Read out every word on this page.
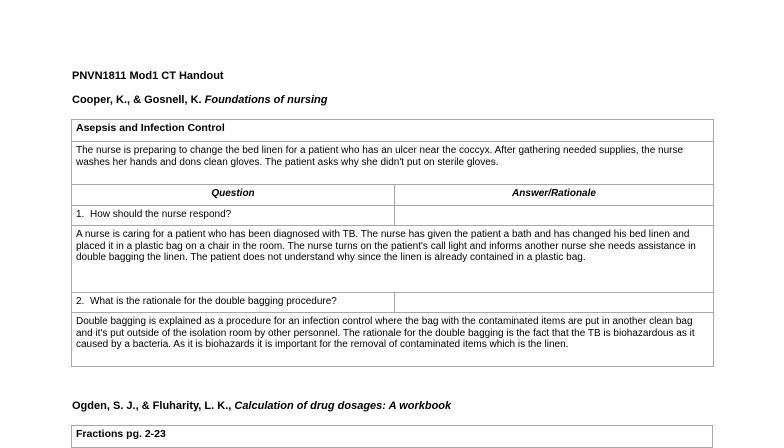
PNVN1811 Mod1 CT Handout
Cooper, K., & Gosnell, K. Foundations of nursing
Asepsis and Infection Control	
The nurse is preparing to change the bed linen for a patient who has an ulcer near the coccyx. After gathering needed supplies, the nurse washes her hands and dons clean gloves. The patient asks why she didn't put on sterile gloves.	
Question	Answer/Rationale
1. How should the nurse respond?	
A nurse is caring for a patient who has been diagnosed with TB. The nurse has given the patient a bath and has changed his bed linen and placed it in a plastic bag on a chair in the room. The nurse turns on the patient's call light and informs another nurse she needs assistance in double bagging the linen. The patient does not understand why since the linen is already contained in a plastic bag.	
2. What is the rationale for the double bagging procedure?	
Double bagging is explained as a procedure for an infection control where the bag with the contaminated items are put in another clean bag and it's put outside of the isolation room by other personnel. The rationale for the double bagging is the fact that the TB is biohazardous as it caused by a bacteria. As it is biohazards it is important for the removal of contaminated items which is the linen.	
Ogden, S. J., & Fluharity, L. K., Calculation of drug dosages: A workbook
Fractions pg. 2-23
